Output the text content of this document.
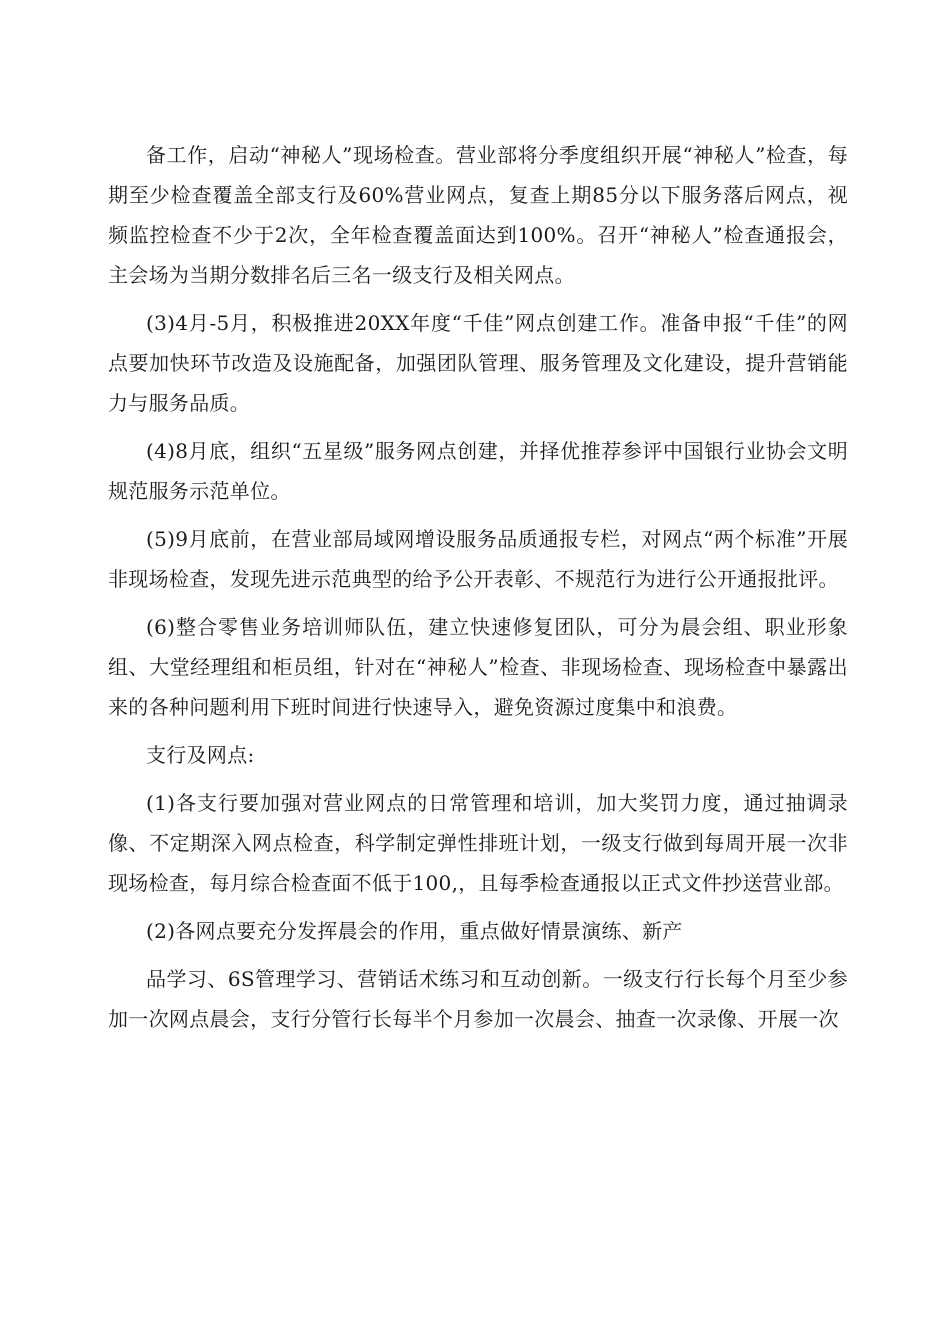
备工作，启动“神秘人”现场检查。营业部将分季度组织开展“神秘人”检查，每期至少检查覆盖全部支行及60%营业网点，复查上期85分以下服务落后网点，视频监控检查不少于2次，全年检查覆盖面达到100%。召开“神秘人”检查通报会，主会场为当期分数排名后三名一级支行及相关网点。

(3)4月-5月，积极推进20XX年度“千佳”网点创建工作。准备申报“千佳”的网点要加快环节改造及设施配备，加强团队管理、服务管理及文化建设，提升营销能力与服务品质。

(4)8月底，组织“五星级”服务网点创建，并择优推荐参评中国银行业协会文明规范服务示范单位。

(5)9月底前，在营业部局域网增设服务品质通报专栏，对网点“两个标准”开展非现场检查，发现先进示范典型的给予公开表彰、不规范行为进行公开通报批评。

(6)整合零售业务培训师队伍，建立快速修复团队，可分为晨会组、职业形象组、大堂经理组和柜员组，针对在“神秘人”检查、非现场检查、现场检查中暴露出来的各种问题利用下班时间进行快速导入，避免资源过度集中和浪费。

支行及网点:

(1)各支行要加强对营业网点的日常管理和培训，加大奖罚力度，通过抽调录像、不定期深入网点检查，科学制定弹性排班计划，一级支行做到每周开展一次非现场检查，每月综合检查面不低于100,，且每季检查通报以正式文件抄送营业部。

(2)各网点要充分发挥晨会的作用，重点做好情景演练、新产

品学习、6S管理学习、营销话术练习和互动创新。一级支行行长每个月至少参加一次网点晨会，支行分管行长每半个月参加一次晨会、抽查一次录像、开展一次
